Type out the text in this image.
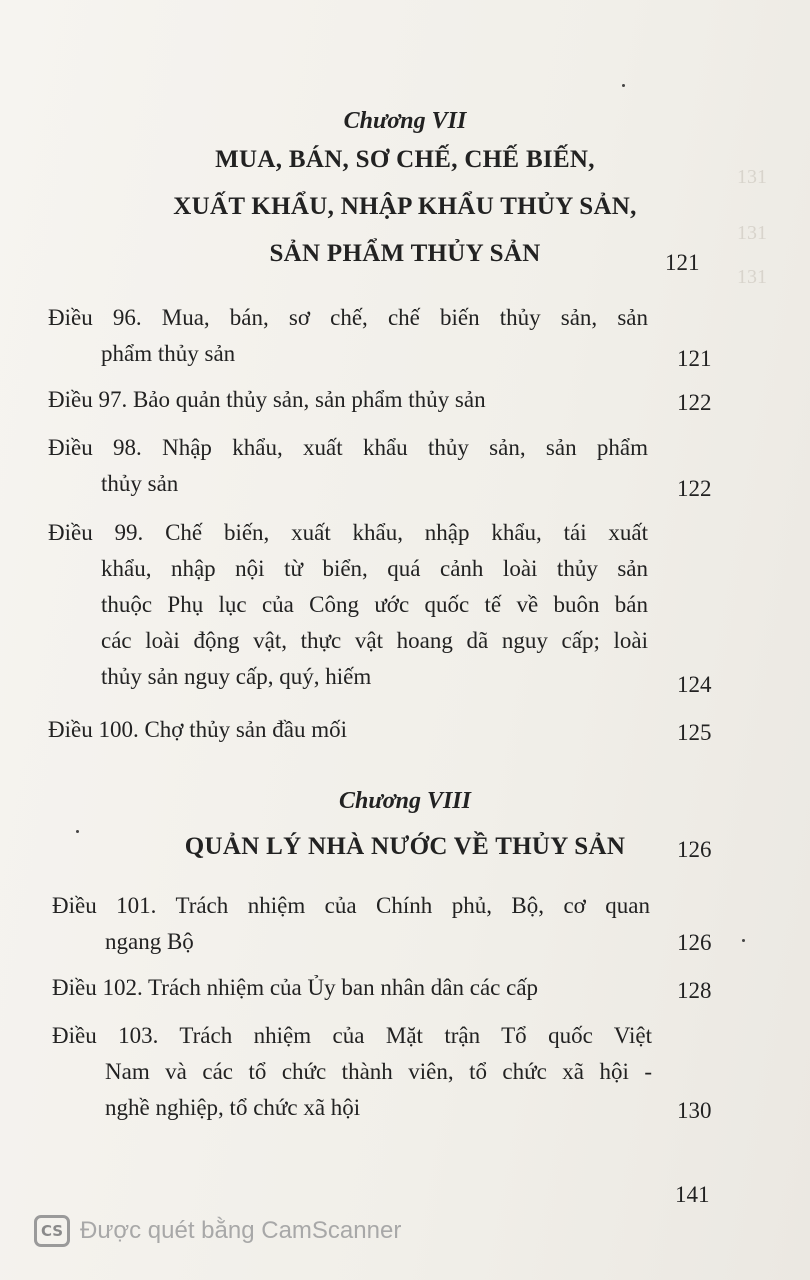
131
131
131
Chương VII
MUA, BÁN, SƠ CHẾ, CHẾ BIẾN,
XUẤT KHẨU, NHẬP KHẨU THỦY SẢN,
SẢN PHẨM THỦY SẢN	121
Điều 96. Mua, bán, sơ chế, chế biến thủy sản, sản
phẩm thủy sản	121
Điều 97. Bảo quản thủy sản, sản phẩm thủy sản	122
Điều 98. Nhập khẩu, xuất khẩu thủy sản, sản phẩm
thủy sản	122
Điều 99. Chế biến, xuất khẩu, nhập khẩu, tái xuất
khẩu, nhập nội từ biển, quá cảnh loài thủy sản
thuộc Phụ lục của Công ước quốc tế về buôn bán
các loài động vật, thực vật hoang dã nguy cấp; loài
thủy sản nguy cấp, quý, hiếm	124
Điều 100. Chợ thủy sản đầu mối	125
Chương VIII
QUẢN LÝ NHÀ NƯỚC VỀ THỦY SẢN	126
Điều 101. Trách nhiệm của Chính phủ, Bộ, cơ quan
ngang Bộ	126
Điều 102. Trách nhiệm của Ủy ban nhân dân các cấp	128
Điều 103. Trách nhiệm của Mặt trận Tổ quốc Việt
Nam và các tổ chức thành viên, tổ chức xã hội -
nghề nghiệp, tổ chức xã hội	130
141
CS Được quét bằng CamScanner
